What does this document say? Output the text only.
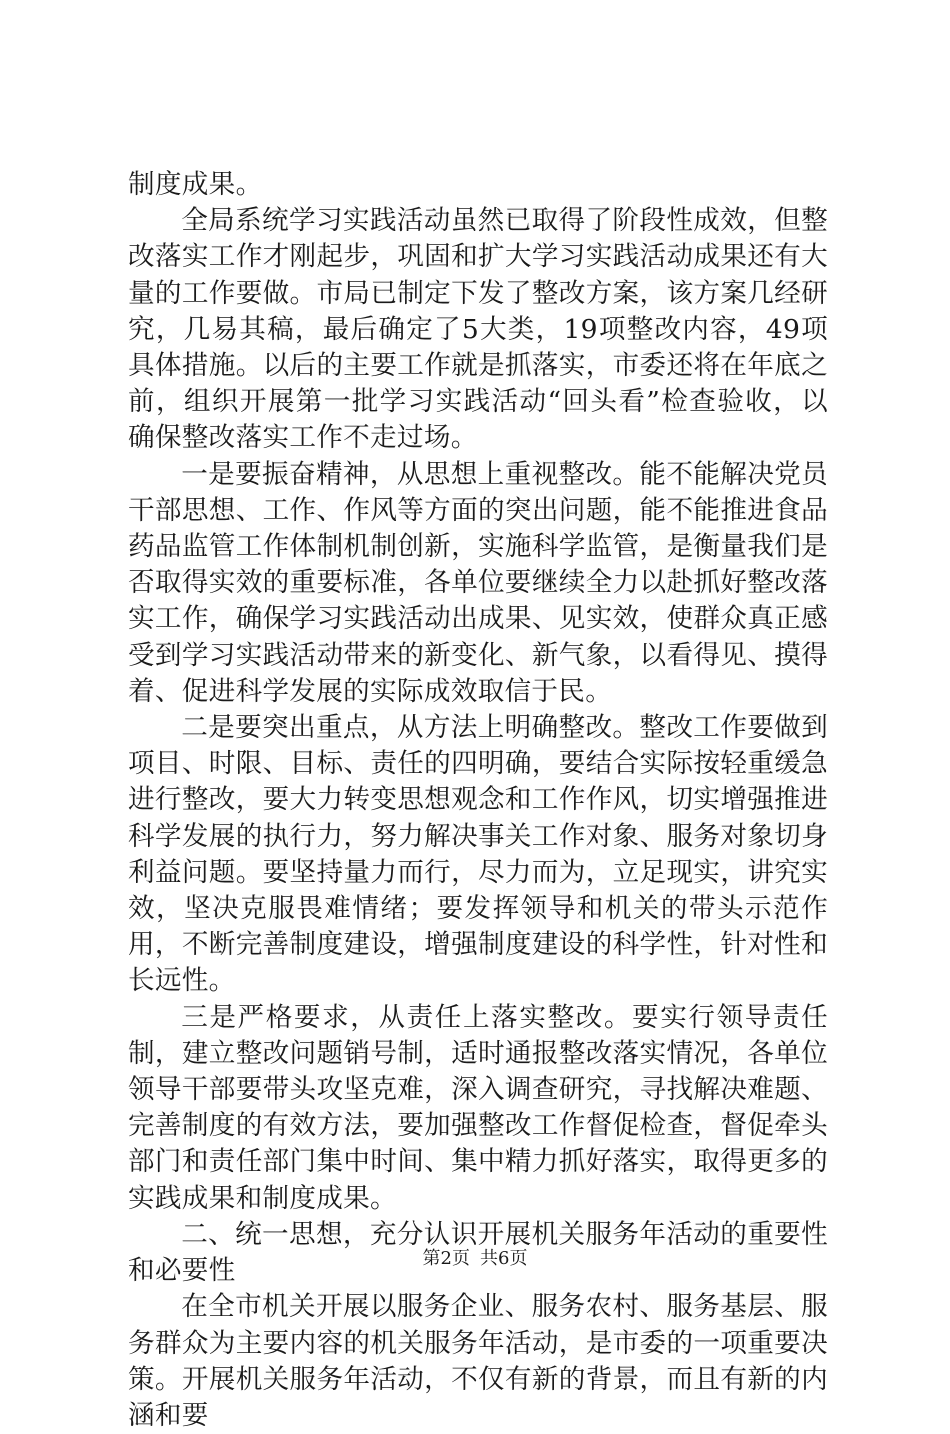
制度成果。

全局系统学习实践活动虽然已取得了阶段性成效，但整改落实工作才刚起步，巩固和扩大学习实践活动成果还有大量的工作要做。市局已制定下发了整改方案，该方案几经研究，几易其稿，最后确定了5大类，19项整改内容，49项具体措施。以后的主要工作就是抓落实，市委还将在年底之前，组织开展第一批学习实践活动“回头看”检查验收，以确保整改落实工作不走过场。

一是要振奋精神，从思想上重视整改。能不能解决党员干部思想、工作、作风等方面的突出问题，能不能推进食品药品监管工作体制机制创新，实施科学监管，是衡量我们是否取得实效的重要标准，各单位要继续全力以赴抓好整改落实工作，确保学习实践活动出成果、见实效，使群众真正感受到学习实践活动带来的新变化、新气象，以看得见、摸得着、促进科学发展的实际成效取信于民。

二是要突出重点，从方法上明确整改。整改工作要做到项目、时限、目标、责任的四明确，要结合实际按轻重缓急进行整改，要大力转变思想观念和工作作风，切实增强推进科学发展的执行力，努力解决事关工作对象、服务对象切身利益问题。要坚持量力而行，尽力而为，立足现实，讲究实效，坚决克服畏难情绪；要发挥领导和机关的带头示范作用，不断完善制度建设，增强制度建设的科学性，针对性和长远性。

三是严格要求，从责任上落实整改。要实行领导责任制，建立整改问题销号制，适时通报整改落实情况，各单位领导干部要带头攻坚克难，深入调查研究，寻找解决难题、完善制度的有效方法，要加强整改工作督促检查，督促牵头部门和责任部门集中时间、集中精力抓好落实，取得更多的实践成果和制度成果。

二、统一思想，充分认识开展机关服务年活动的重要性和必要性

在全市机关开展以服务企业、服务农村、服务基层、服务群众为主要内容的机关服务年活动，是市委的一项重要决策。开展机关服务年活动，不仅有新的背景，而且有新的内涵和要

第2页 共6页
